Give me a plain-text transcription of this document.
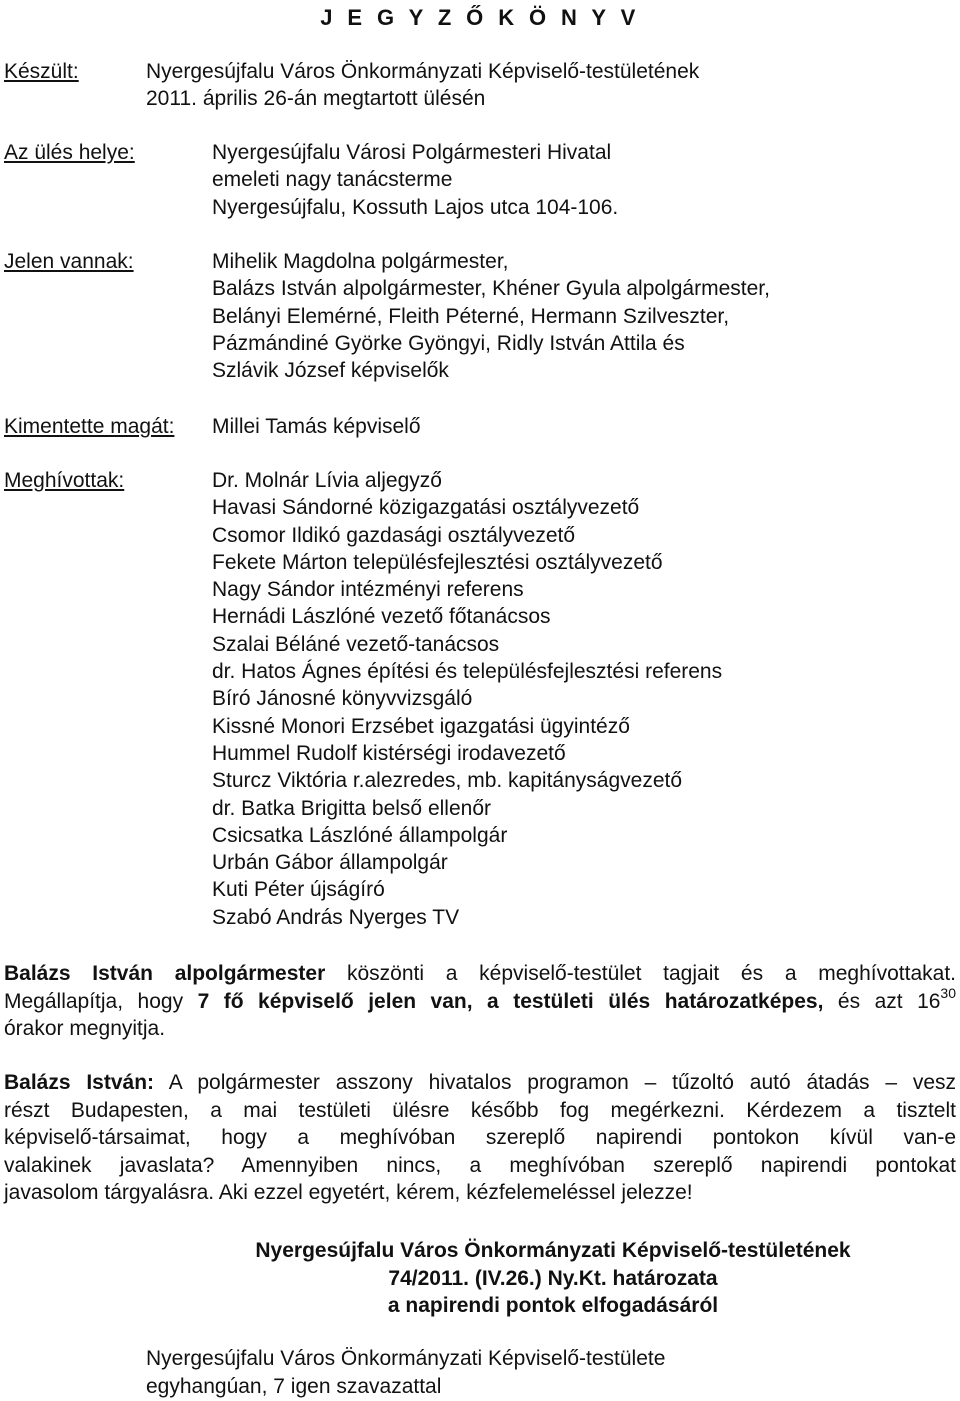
J E G Y Z Ő K Ö N Y V
Készült:	Nyergesújfalu Város Önkormányzati Képviselő-testületének
2011. április 26-án megtartott ülésén
Az ülés helye:	Nyergesújfalu Városi Polgármesteri Hivatal
emeleti nagy tanácsterme
Nyergesújfalu, Kossuth Lajos utca 104-106.
Jelen vannak:	Mihelik Magdolna polgármester,
Balázs István alpolgármester, Khéner Gyula alpolgármester,
Belányi Elemérné, Fleith Péterné, Hermann Szilveszter,
Pázmándiné Györke Gyöngyi, Ridly István Attila és
Szlávik József képviselők
Kimentette magát: Millei Tamás képviselő
Meghívottak:	Dr. Molnár Lívia aljegyző
Havasi Sándorné közigazgatási osztályvezető
Csomor Ildikó gazdasági osztályvezető
Fekete Márton településfejlesztési osztályvezető
Nagy Sándor intézményi referens
Hernádi Lászlóné vezető főtanácsos
Szalai Béláné vezető-tanácsos
dr. Hatos Ágnes építési és településfejlesztési referens
Bíró Jánosné könyvvizsgáló
Kissné Monori Erzsébet igazgatási ügyintéző
Hummel Rudolf kistérségi irodavezető
Sturcz Viktória r.alezredes, mb. kapitányságvezető
dr. Batka Brigitta belső ellenőr
Csicsatka Lászlóné állampolgár
Urbán Gábor állampolgár
Kuti Péter újságíró
Szabó András Nyerges TV
Balázs István alpolgármester köszönti a képviselő-testület tagjait és a meghívottakat.
Megállapítja, hogy 7 fő képviselő jelen van, a testületi ülés határozatképes, és azt $16^{30}$
órakor megnyitja.
Balázs István: A polgármester asszony hivatalos programon – tűzoltó autó átadás – vesz
részt Budapesten, a mai testületi ülésre később fog megérkezni. Kérdezem a tisztelt
képviselő-társaimat, hogy a meghívóban szereplő napirendi pontokon kívül van-e
valakinek javaslata? Amennyiben nincs, a meghívóban szereplő napirendi pontokat
javasolom tárgyalásra. Aki ezzel egyetért, kérem, kézfelemeléssel jelezze!
Nyergesújfalu Város Önkormányzati Képviselő-testületének
74/2011. (IV.26.) Ny.Kt. határozata
a napirendi pontok elfogadásáról
Nyergesújfalu Város Önkormányzati Képviselő-testülete
egyhangúan, 7 igen szavazattal
